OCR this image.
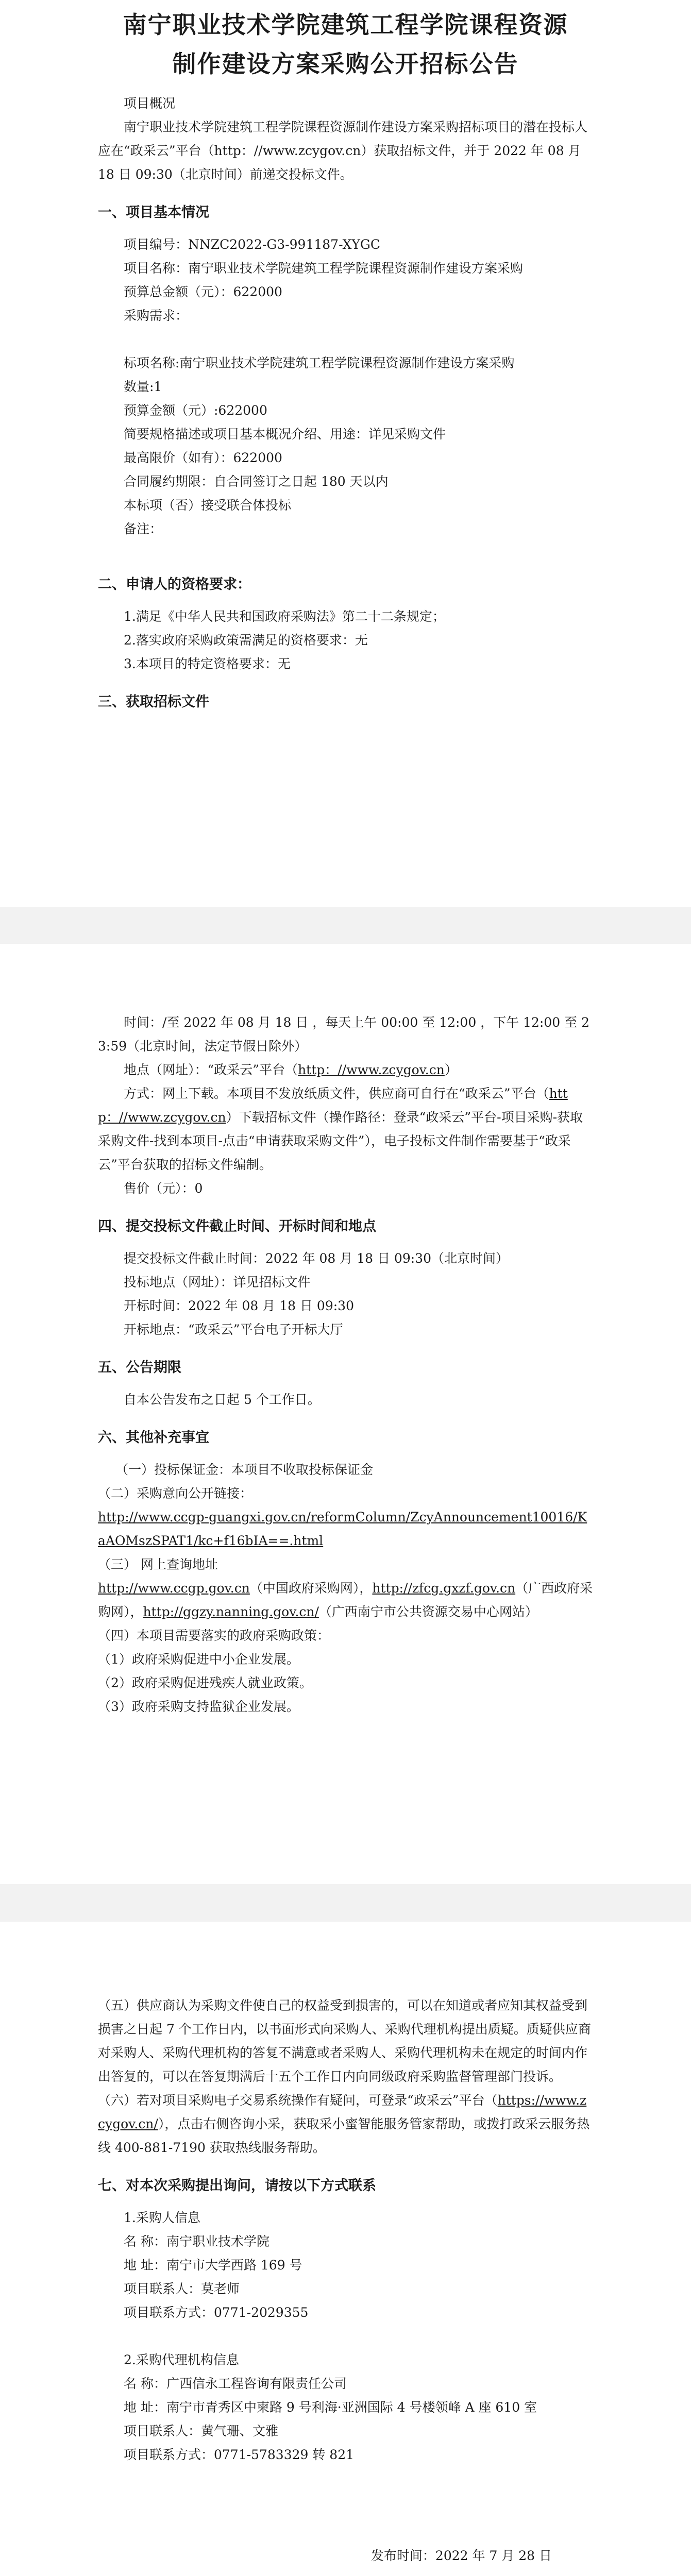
南宁职业技术学院建筑工程学院课程资源
制作建设方案采购公开招标公告

项目概况

南宁职业技术学院建筑工程学院课程资源制作建设方案采购招标项目的潜在投标人应在“政采云”平台（http：//www.zcygov.cn）获取招标文件，并于 2022 年 08 月 18 日 09:30（北京时间）前递交投标文件。

一、项目基本情况

项目编号：NNZC2022-G3-991187-XYGC

项目名称：南宁职业技术学院建筑工程学院课程资源制作建设方案采购

预算总金额（元）：622000

采购需求：

标项名称:南宁职业技术学院建筑工程学院课程资源制作建设方案采购

数量:1

预算金额（元）:622000

简要规格描述或项目基本概况介绍、用途：详见采购文件

最高限价（如有）：622000

合同履约期限：自合同签订之日起 180 天以内

本标项（否）接受联合体投标

备注：

二、申请人的资格要求：

1.满足《中华人民共和国政府采购法》第二十二条规定；

2.落实政府采购政策需满足的资格要求：无

3.本项目的特定资格要求：无

三、获取招标文件

时间：/至 2022 年 08 月 18 日 ，每天上午 00:00 至 12:00 ，下午 12:00 至 23:59（北京时间，法定节假日除外）

地点（网址）：“政采云”平台（http：//www.zcygov.cn）

方式：网上下载。本项目不发放纸质文件，供应商可自行在“政采云”平台（http：//www.zcygov.cn）下载招标文件（操作路径：登录“政采云”平台-项目采购-获取采购文件-找到本项目-点击“申请获取采购文件”），电子投标文件制作需要基于“政采云”平台获取的招标文件编制。

售价（元）：0

四、提交投标文件截止时间、开标时间和地点

提交投标文件截止时间：2022 年 08 月 18 日 09:30（北京时间）

投标地点（网址）：详见招标文件

开标时间：2022 年 08 月 18 日 09:30

开标地点：“政采云”平台电子开标大厅

五、公告期限

自本公告发布之日起 5 个工作日。

六、其他补充事宜

（一）投标保证金：本项目不收取投标保证金

（二）采购意向公开链接：

http://www.ccgp-guangxi.gov.cn/reformColumn/ZcyAnnouncement10016/KaAOMszSPAT1/kc+f16bIA==.html

（三） 网上查询地址

http://www.ccgp.gov.cn（中国政府采购网），http://zfcg.gxzf.gov.cn（广西政府采购网），http://ggzy.nanning.gov.cn/（广西南宁市公共资源交易中心网站）

（四）本项目需要落实的政府采购政策：

（1）政府采购促进中小企业发展。

（2）政府采购促进残疾人就业政策。

（3）政府采购支持监狱企业发展。

（五）供应商认为采购文件使自己的权益受到损害的，可以在知道或者应知其权益受到损害之日起 7 个工作日内，以书面形式向采购人、采购代理机构提出质疑。质疑供应商对采购人、采购代理机构的答复不满意或者采购人、采购代理机构未在规定的时间内作出答复的，可以在答复期满后十五个工作日内向同级政府采购监督管理部门投诉。

（六）若对项目采购电子交易系统操作有疑问，可登录“政采云”平台（https://www.zcygov.cn/），点击右侧咨询小采，获取采小蜜智能服务管家帮助，或拨打政采云服务热线 400-881-7190 获取热线服务帮助。

七、对本次采购提出询问，请按以下方式联系

1.采购人信息

名 称：南宁职业技术学院

地 址：南宁市大学西路 169 号

项目联系人：莫老师

项目联系方式：0771-2029355

2.采购代理机构信息

名 称：广西信永工程咨询有限责任公司

地 址：南宁市青秀区中柬路 9 号利海·亚洲国际 4 号楼领峰 A 座 610 室

项目联系人：黄气珊、文雅

项目联系方式：0771-5783329 转 821

发布时间：2022 年 7 月 28 日
